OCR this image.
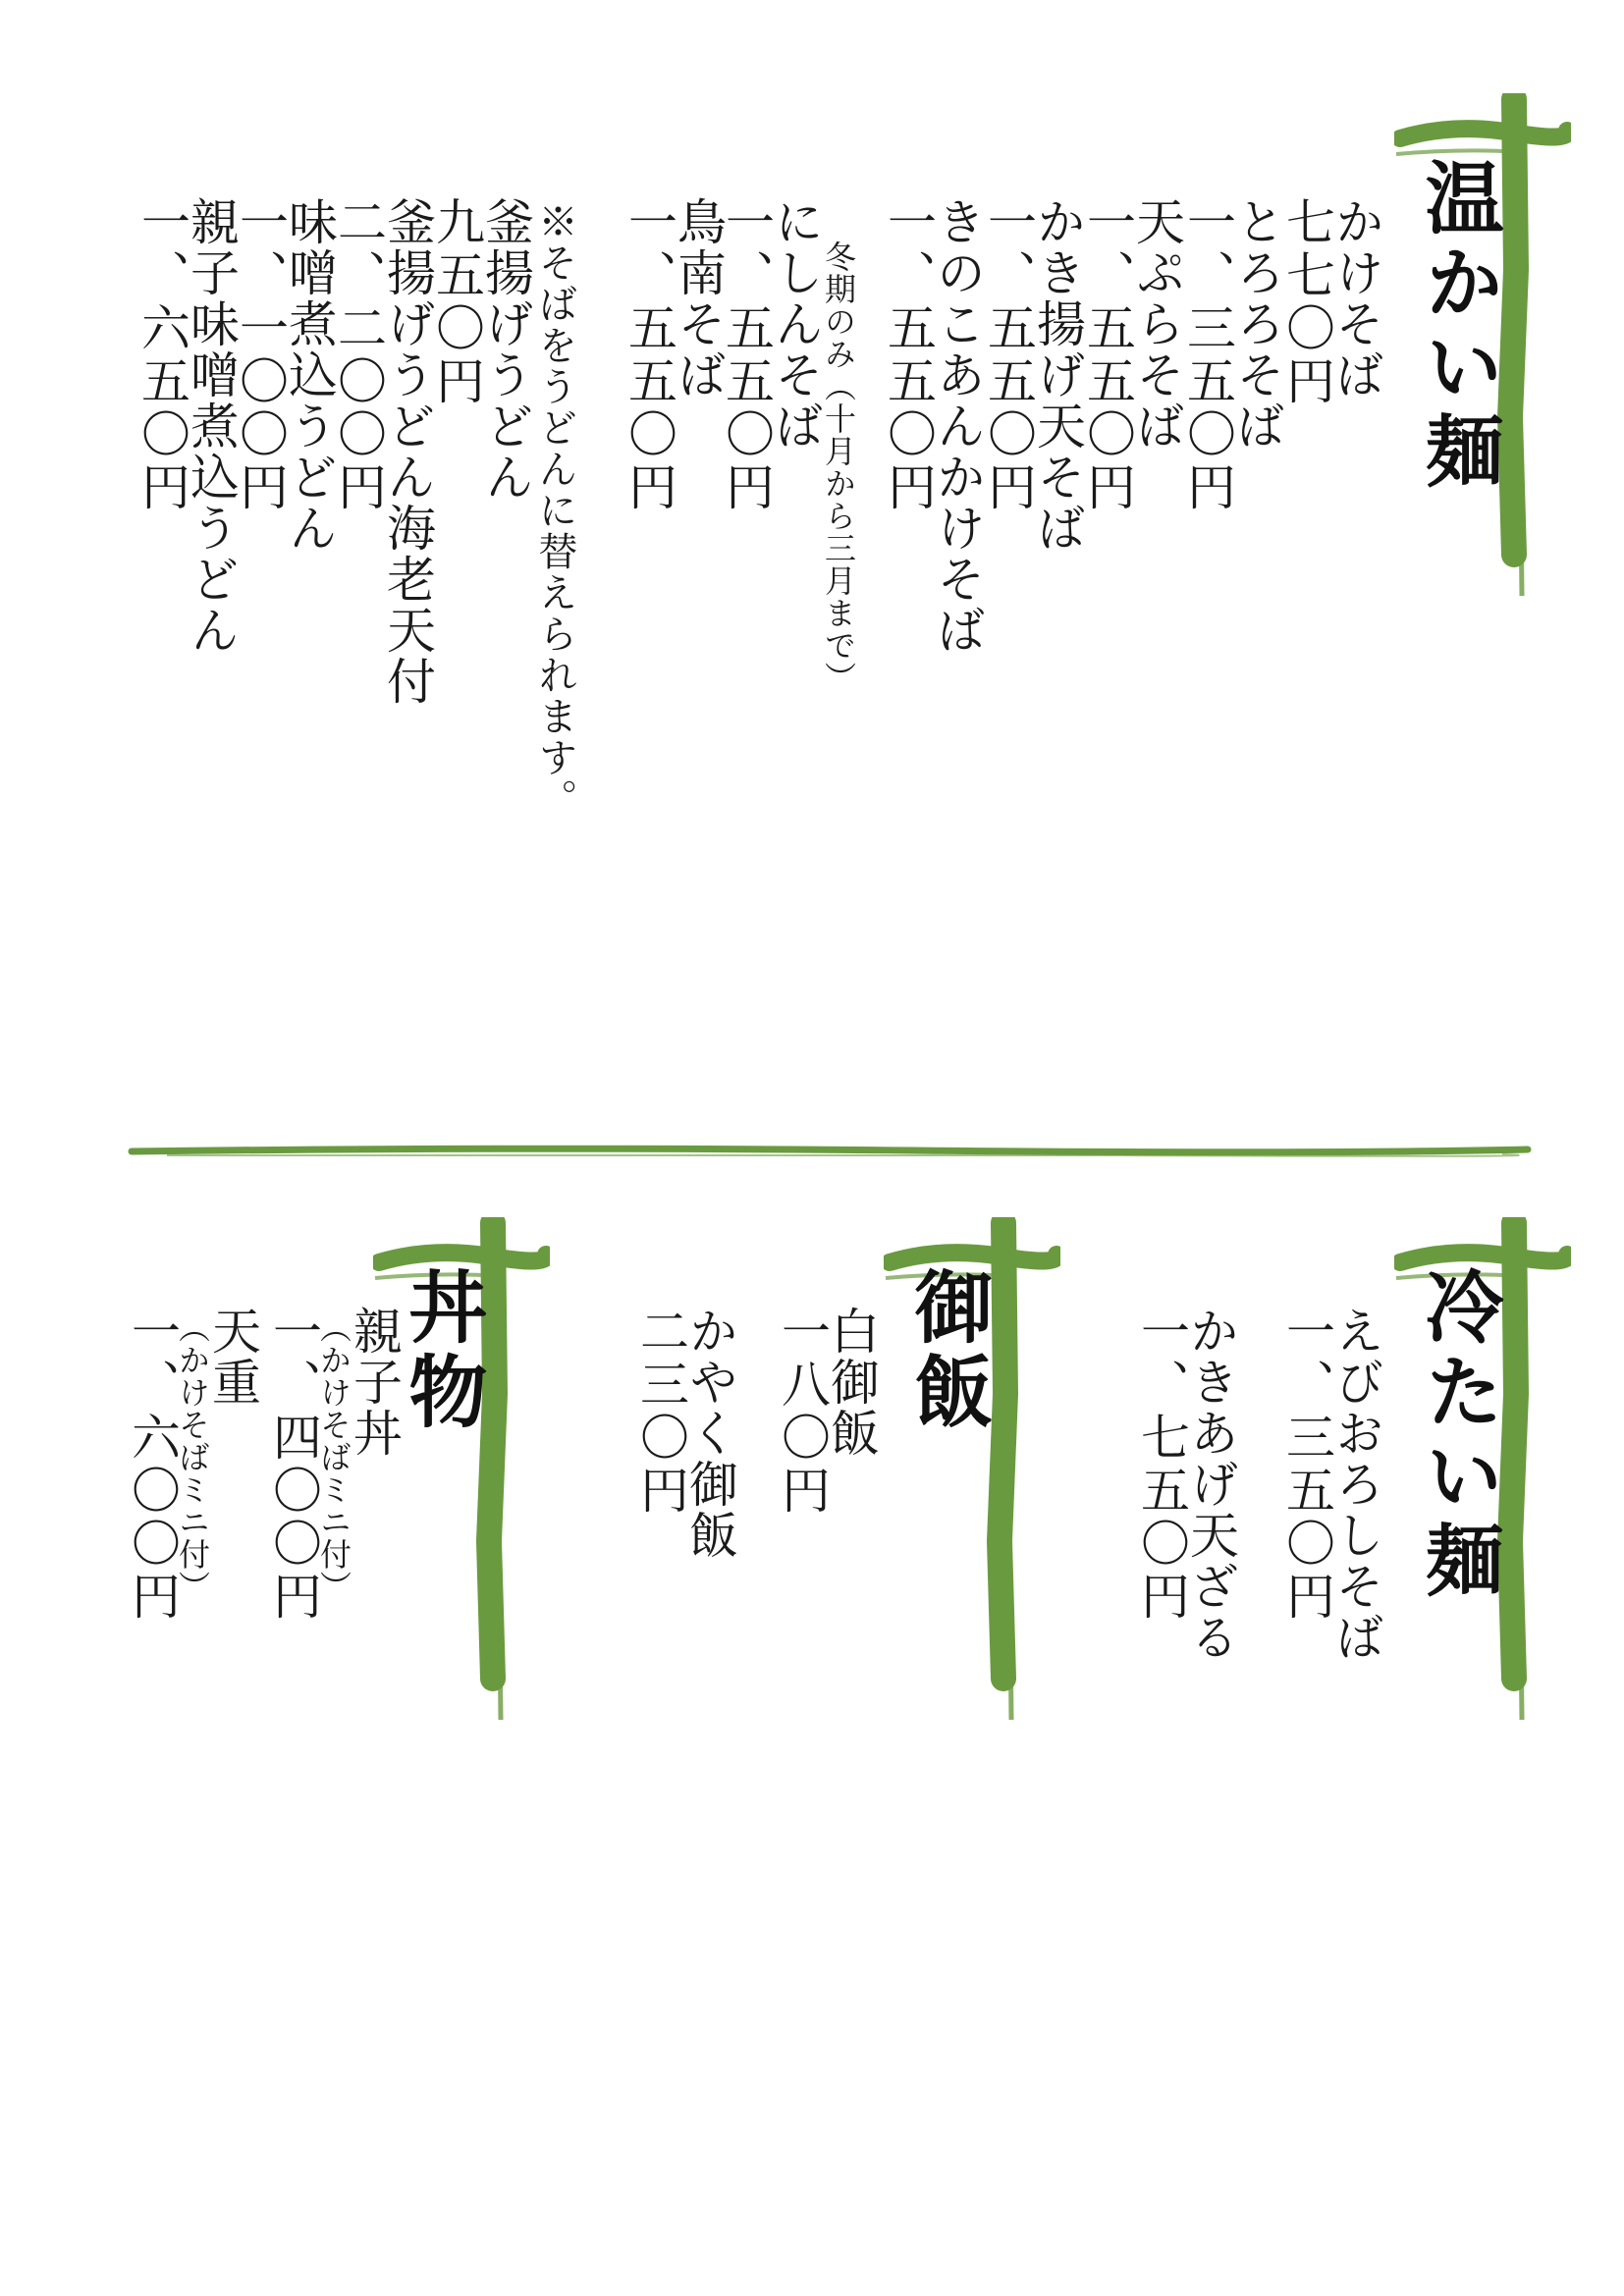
温かい麺
冷たい麺
御飯
丼物
かけそば
七七〇円
とろろそば
一、三五〇円
天ぷらそば
一、五五〇円
かき揚げ天そば
一、五五〇円
きのこあんかけそば
一、五五〇円
冬期のみ（十月から三月まで）
にしんそば
一、五五〇円
鳥南そば
一、五五〇円
※そばをうどんに替えられます。
釜揚げうどん
九五〇円
釜揚げうどん海老天付
二、二〇〇円
味噌煮込うどん
一、一〇〇円
親子味噌煮込うどん
一、六五〇円
えびおろしそば
一、三五〇円
かきあげ天ざる
一、七五〇円
白御飯
一八〇円
かやく御飯
二三〇円
親子丼
（かけそばミニ付）
一、四〇〇円
天重
（かけそばミニ付）
一、六〇〇円
